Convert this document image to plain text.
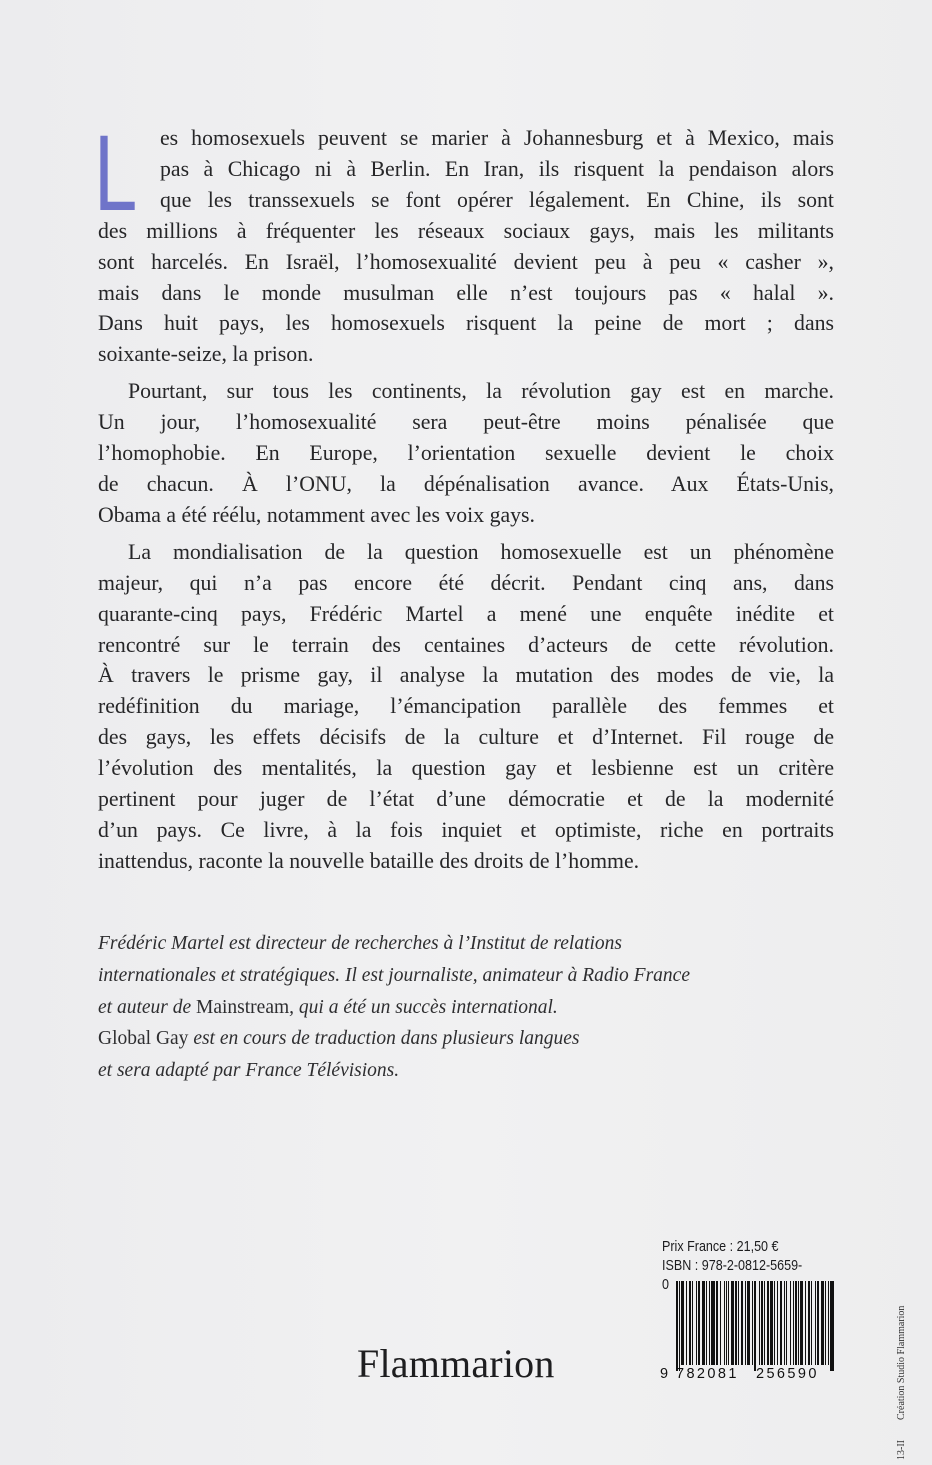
L	es homosexuels peuvent se marier à Johannesburg et à Mexico, mais
pas à Chicago ni à Berlin. En Iran, ils risquent la pendaison alors
que les transsexuels se font opérer légalement. En Chine, ils sont
des millions à fréquenter les réseaux sociaux gays, mais les militants
sont harcelés. En Israël, l’homosexualité devient peu à peu « casher »,
mais dans le monde musulman elle n’est toujours pas « halal ».
Dans huit pays, les homosexuels risquent la peine de mort ; dans
soixante-seize, la prison.
Pourtant, sur tous les continents, la révolution gay est en marche.
Un jour, l’homosexualité sera peut-être moins pénalisée que
l’homophobie. En Europe, l’orientation sexuelle devient le choix
de chacun. À l’ONU, la dépénalisation avance. Aux États-Unis,
Obama a été réélu, notamment avec les voix gays.
La mondialisation de la question homosexuelle est un phénomène
majeur, qui n’a pas encore été décrit. Pendant cinq ans, dans
quarante-cinq pays, Frédéric Martel a mené une enquête inédite et
rencontré sur le terrain des centaines d’acteurs de cette révolution.
À travers le prisme gay, il analyse la mutation des modes de vie, la
redéfinition du mariage, l’émancipation parallèle des femmes et
des gays, les effets décisifs de la culture et d’Internet. Fil rouge de
l’évolution des mentalités, la question gay et lesbienne est un critère
pertinent pour juger de l’état d’une démocratie et de la modernité
d’un pays. Ce livre, à la fois inquiet et optimiste, riche en portraits
inattendus, raconte la nouvelle bataille des droits de l’homme.
Frédéric Martel est directeur de recherches à l’Institut de relations
internationales et stratégiques. Il est journaliste, animateur à Radio France
et auteur de Mainstream, qui a été un succès international.
Global Gay est en cours de traduction dans plusieurs langues
et sera adapté par France Télévisions.
Prix France : 21,50 €
ISBN : 978-2-0812-5659-0
9 782081	256590
Flammarion	Création Studio Flammarion
13-II
